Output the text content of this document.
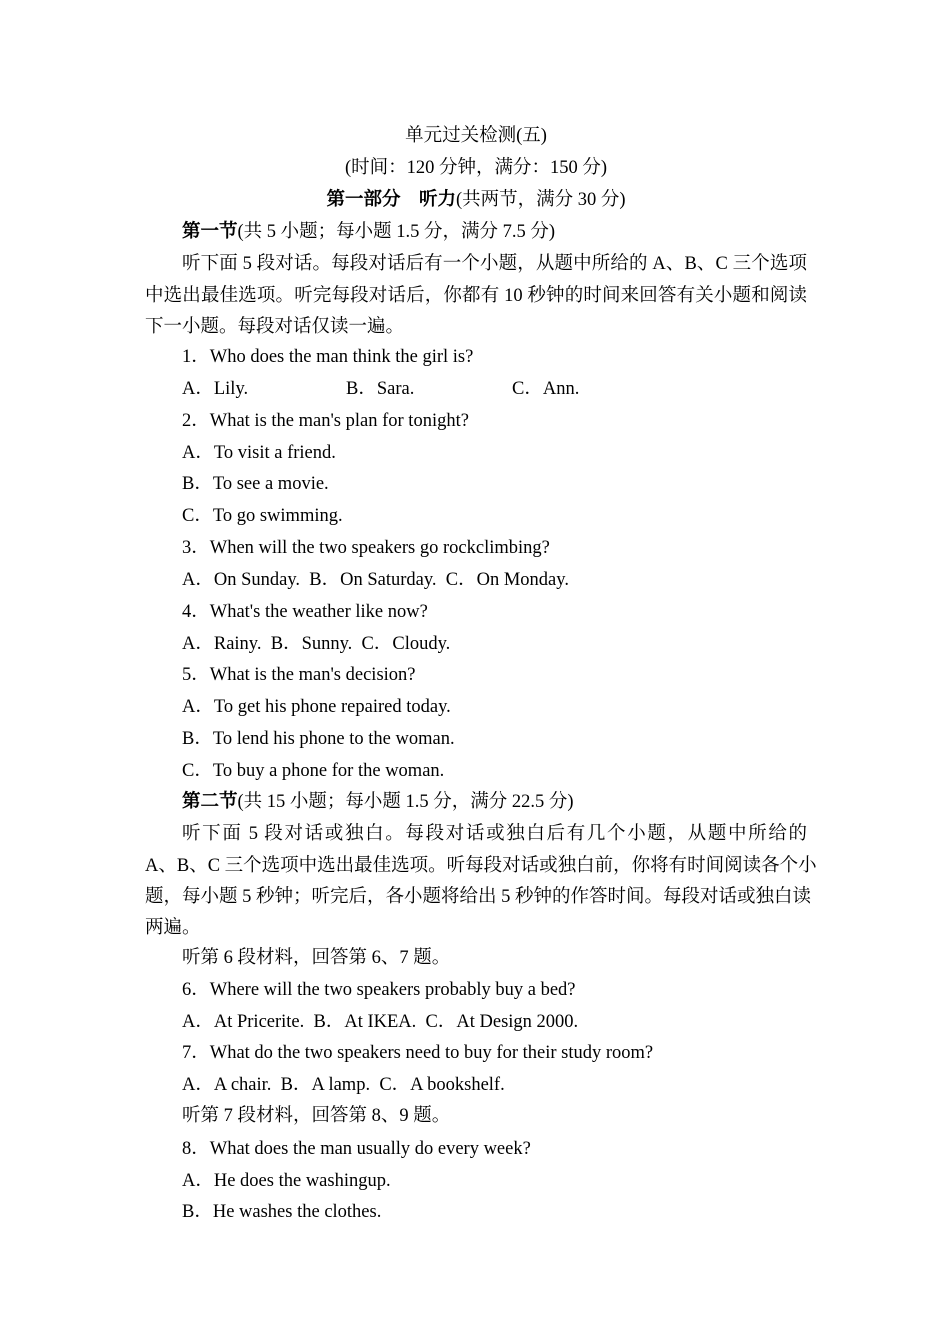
单元过关检测(五)
(时间：120 分钟，满分：150 分)
第一部分　听力(共两节，满分 30 分)
第一节(共 5 小题；每小题 1.5 分，满分 7.5 分)
听下面 5 段对话。每段对话后有一个小题，从题中所给的 A、B、C 三个选项
中选出最佳选项。听完每段对话后，你都有 10 秒钟的时间来回答有关小题和阅读
下一小题。每段对话仅读一遍。
1．Who does the man think the girl is?
A．Lily.	B．Sara.	C．Ann.
2．What is the man's plan for tonight?
A．To visit a friend.
B．To see a movie.
C．To go swimming.
3．When will the two speakers go rockclimbing?
A．On Sunday.  B．On Saturday.  C．On Monday.
4．What's the weather like now?
A．Rainy.  B．Sunny.  C．Cloudy.
5．What is the man's decision?
A．To get his phone repaired today.
B．To lend his phone to the woman.
C．To buy a phone for the woman.
第二节(共 15 小题；每小题 1.5 分，满分 22.5 分)
听下面 5 段对话或独白。每段对话或独白后有几个小题，从题中所给的
A、B、C 三个选项中选出最佳选项。听每段对话或独白前，你将有时间阅读各个小
题，每小题 5 秒钟；听完后，各小题将给出 5 秒钟的作答时间。每段对话或独白读
两遍。
听第 6 段材料，回答第 6、7 题。
6．Where will the two speakers probably buy a bed?
A．At Pricerite.  B．At IKEA.  C．At Design 2000.
7．What do the two speakers need to buy for their study room?
A．A chair.  B．A lamp.  C．A bookshelf.
听第 7 段材料，回答第 8、9 题。
8．What does the man usually do every week?
A．He does the washingup.
B．He washes the clothes.
